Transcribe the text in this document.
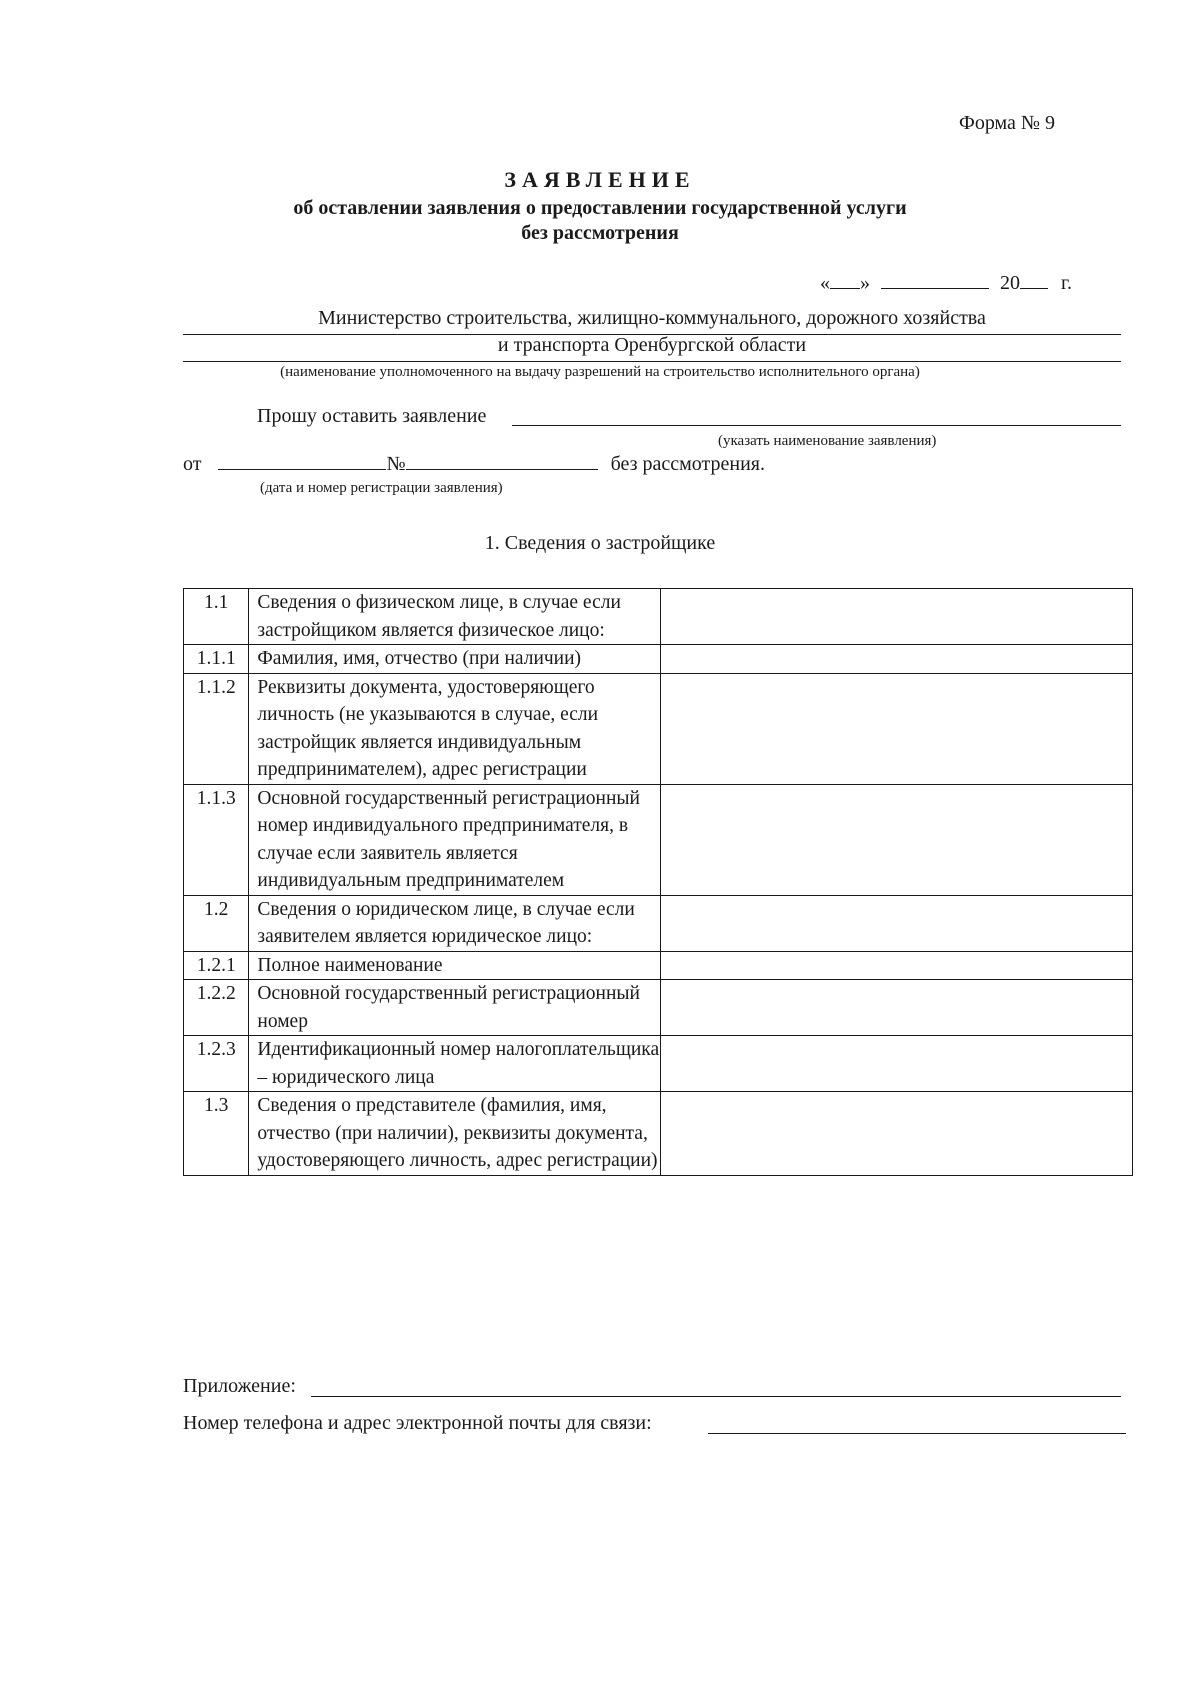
Форма № 9
ЗАЯВЛЕНИЕ
об оставлении заявления о предоставлении государственной услуги
без рассмотрения
« »	20 г.
Министерство строительства, жилищно-коммунального, дорожного хозяйства
и транспорта Оренбургской области
(наименование уполномоченного на выдачу разрешений на строительство исполнительного органа)
Прошу оставить заявление
(указать наименование заявления)
от	№	без рассмотрения.
(дата и номер регистрации заявления)
1. Сведения о застройщике
1.1	Сведения о физическом лице, в случае если застройщиком является физическое лицо:	
1.1.1	Фамилия, имя, отчество (при наличии)	
1.1.2	Реквизиты документа, удостоверяющего личность (не указываются в случае, если застройщик является индивидуальным предпринимателем), адрес регистрации	
1.1.3	Основной государственный регистрационный номер индивидуального предпринимателя, в случае если заявитель является индивидуальным предпринимателем	
1.2	Сведения о юридическом лице, в случае если заявителем является юридическое лицо:	
1.2.1	Полное наименование	
1.2.2	Основной государственный регистрационный номер	
1.2.3	Идентификационный номер налогоплательщика – юридического лица	
1.3	Сведения о представителе (фамилия, имя, отчество (при наличии), реквизиты документа, удостоверяющего личность, адрес регистрации)	
Приложение:
Номер телефона и адрес электронной почты для связи:
